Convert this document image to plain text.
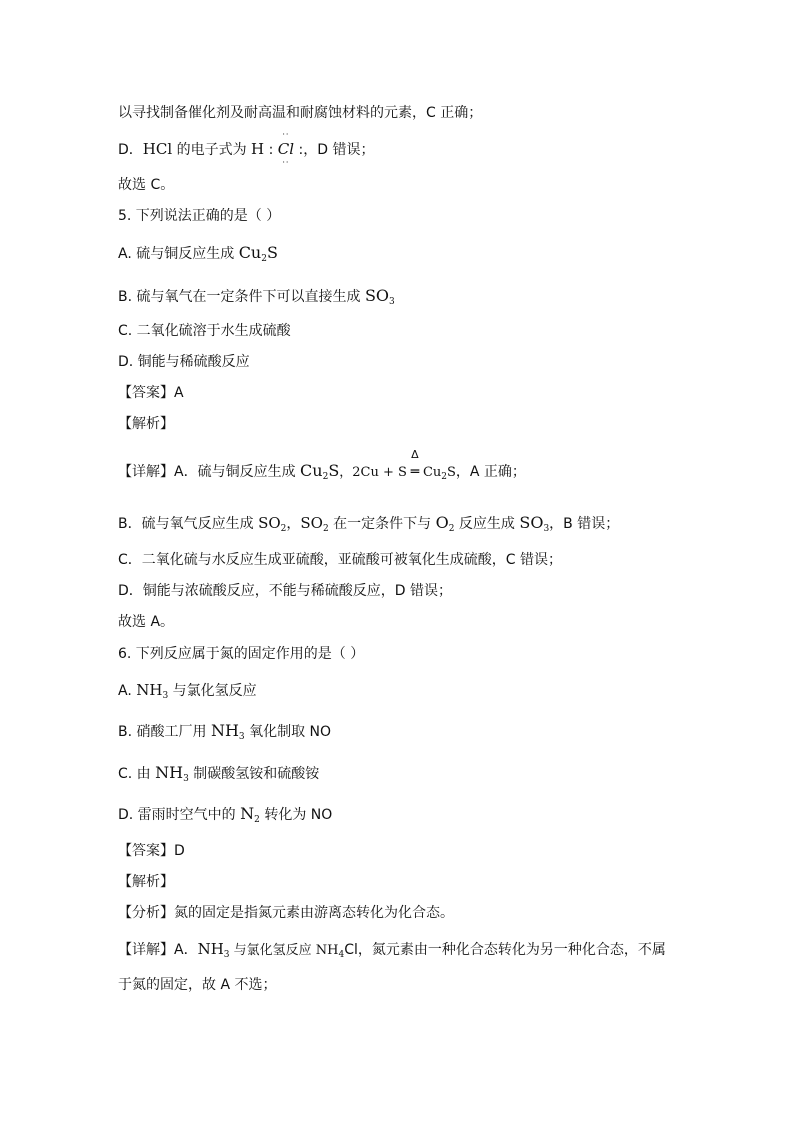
以寻找制备催化剂及耐高温和耐腐蚀材料的元素，C 正确；
D．HCl 的电子式为 H :
··
Cl
··
:，D 错误；
故选 C。
5. 下列说法正确的是（ ）
A. 硫与铜反应生成 $Cu_2S$
B. 硫与氧气在一定条件下可以直接生成 $SO_3$
C. 二氧化硫溶于水生成硫酸
D. 铜能与稀硫酸反应
【答案】A
【解析】
【详解】A．硫与铜反应生成 $Cu_2S$，2Cu + S
Δ
═ $Cu_2S$，A 正确；
B．硫与氧气反应生成 $SO_2$，$SO_2$ 在一定条件下与 $O_2$ 反应生成 $SO_3$，B 错误；
C．二氧化硫与水反应生成亚硫酸，亚硫酸可被氧化生成硫酸，C 错误；
D．铜能与浓硫酸反应，不能与稀硫酸反应，D 错误；
故选 A。
6. 下列反应属于氮的固定作用的是（ ）
A. $NH_3$ 与氯化氢反应
B. 硝酸工厂用 $NH_3$ 氧化制取 NO
C. 由 $NH_3$ 制碳酸氢铵和硫酸铵
D. 雷雨时空气中的 $N_2$ 转化为 NO
【答案】D
【解析】
【分析】氮的固定是指氮元素由游离态转化为化合态。
【详解】A．$NH_3$ 与氯化氢反应 $NH_4Cl$，氮元素由一种化合态转化为另一种化合态，不属
于氮的固定，故 A 不选；
